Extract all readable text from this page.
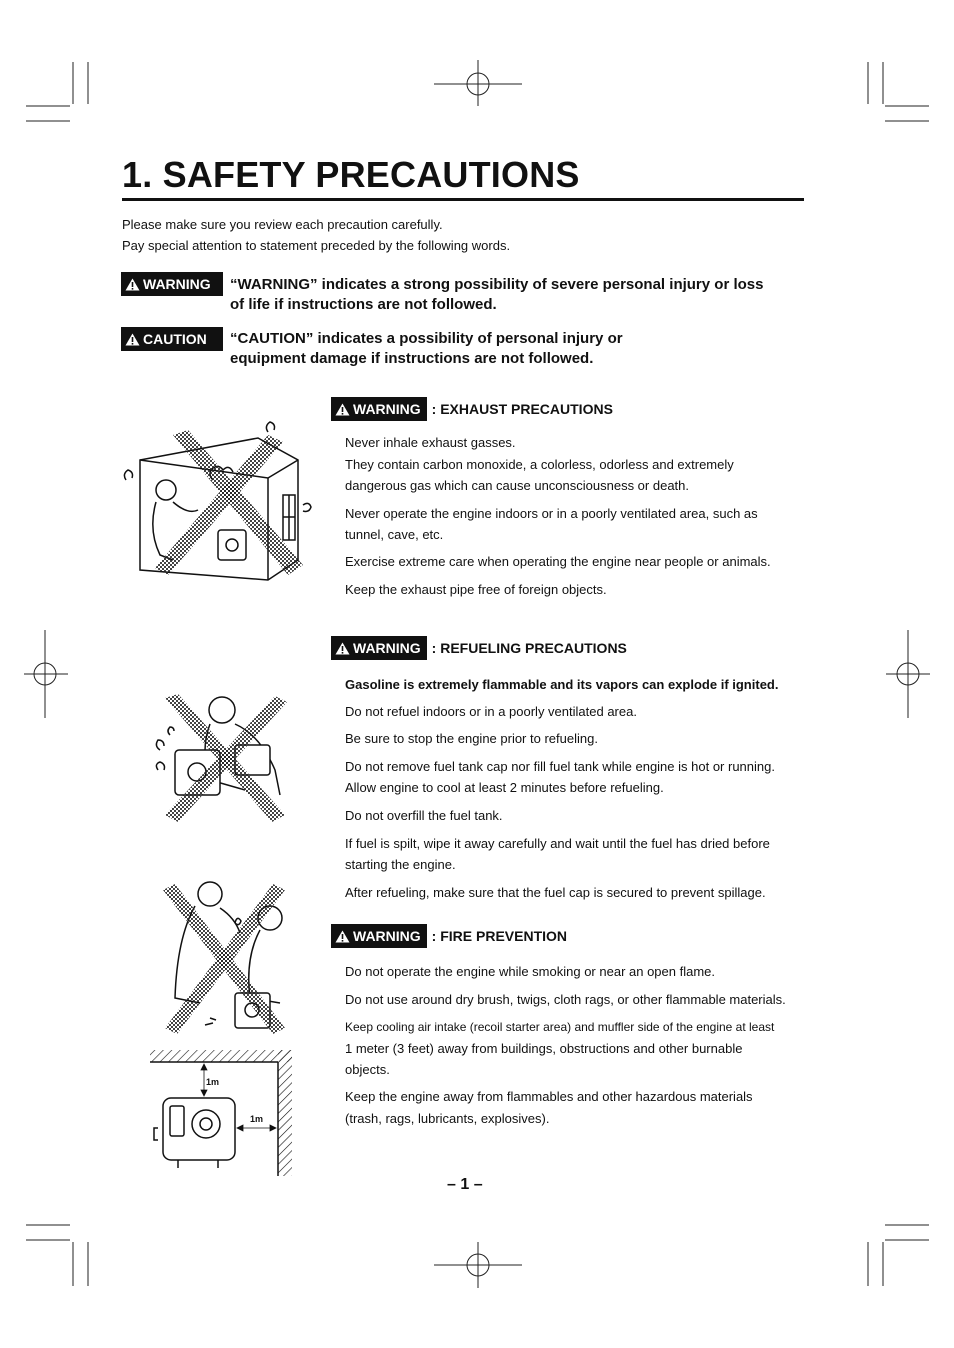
1. SAFETY PRECAUTIONS

Please make sure you review each precaution carefully.

Pay special attention to statement preceded by the following words.

WARNING “WARNING” indicates a strong possibility of severe personal injury or loss
of life if instructions are not followed.
CAUTION “CAUTION” indicates a possibility of personal injury or
equipment damage if instructions are not followed.
WARNING : EXHAUST PRECAUTIONS

Never inhale exhaust gasses.

They contain carbon monoxide, a colorless, odorless and extremely

dangerous gas which can cause unconsciousness or death.

Never operate the engine indoors or in a poorly ventilated area, such as

tunnel, cave, etc.

Exercise extreme care when operating the engine near people or animals.

Keep the exhaust pipe free of foreign objects.

WARNING : REFUELING PRECAUTIONS

Gasoline is extremely flammable and its vapors can explode if ignited.

Do not refuel indoors or in a poorly ventilated area.

Be sure to stop the engine prior to refueling.

Do not remove fuel tank cap nor fill fuel tank while engine is hot or running.

Allow engine to cool at least 2 minutes before refueling.

Do not overfill the fuel tank.

If fuel is spilt, wipe it away carefully and wait until the fuel has dried before

starting the engine.

After refueling, make sure that the fuel cap is secured to prevent spillage.

WARNING : FIRE PREVENTION

Do not operate the engine while smoking or near an open flame.

Do not use around dry brush, twigs, cloth rags, or other flammable materials.

Keep cooling air intake (recoil starter area) and muffler side of the engine at least

1 meter (3 feet) away from buildings, obstructions and other burnable

objects.

Keep the engine away from flammables and other hazardous materials

(trash, rags, lubricants, explosives).

1m
1m
– 1 –
